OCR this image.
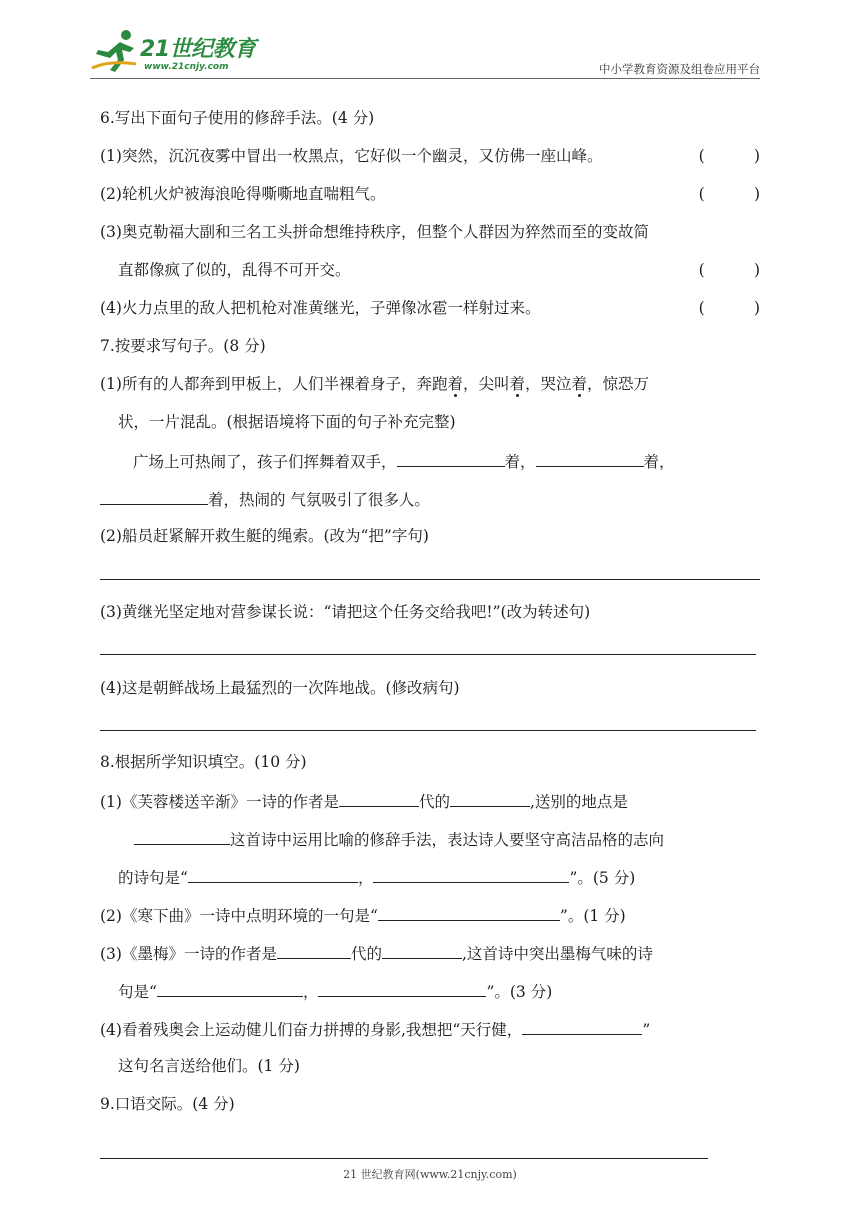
21世纪教育
www.21cnjy.com	中小学教育资源及组卷应用平台
6.写出下面句子使用的修辞手法。(4 分)
(1)突然，沉沉夜雾中冒出一枚黑点，它好似一个幽灵，又仿佛一座山峰。	(          )
(2)轮机火炉被海浪呛得嘶嘶地直喘粗气。	(          )
(3)奥克勒福大副和三名工头拼命想维持秩序，但整个人群因为猝然而至的变故简
直都像疯了似的，乱得不可开交。	(          )
(4)火力点里的敌人把机枪对准黄继光，子弹像冰雹一样射过来。	(          )
7.按要求写句子。(8 分)
(1)所有的人都奔到甲板上，人们半裸着身子，奔跑着，尖叫着，哭泣着，惊恐万
状，一片混乱。(根据语境将下面的句子补充完整)
广场上可热闹了，孩子们挥舞着双手，	着，	着，
着，热闹的 气氛吸引了很多人。
(2)船员赶紧解开救生艇的绳索。(改为“把”字句)
(3)黄继光坚定地对营参谋长说：“请把这个任务交给我吧!”(改为转述句)
(4)这是朝鲜战场上最猛烈的一次阵地战。(修改病句)
8.根据所学知识填空。(10 分)
(1)《芙蓉楼送辛渐》一诗的作者是	代的	,送别的地点是
这首诗中运用比喻的修辞手法，表达诗人要坚守高洁品格的志向
的诗句是“	，	”。(5 分)
(2)《寒下曲》一诗中点明环境的一句是“	”。(1 分)
(3)《墨梅》一诗的作者是	代的	,这首诗中突出墨梅气味的诗
句是“	，	”。(3 分)
(4)看着残奥会上运动健儿们奋力拼搏的身影,我想把“天行健，	”
这句名言送给他们。(1 分)
9.口语交际。(4 分)
21 世纪教育网(www.21cnjy.com)
